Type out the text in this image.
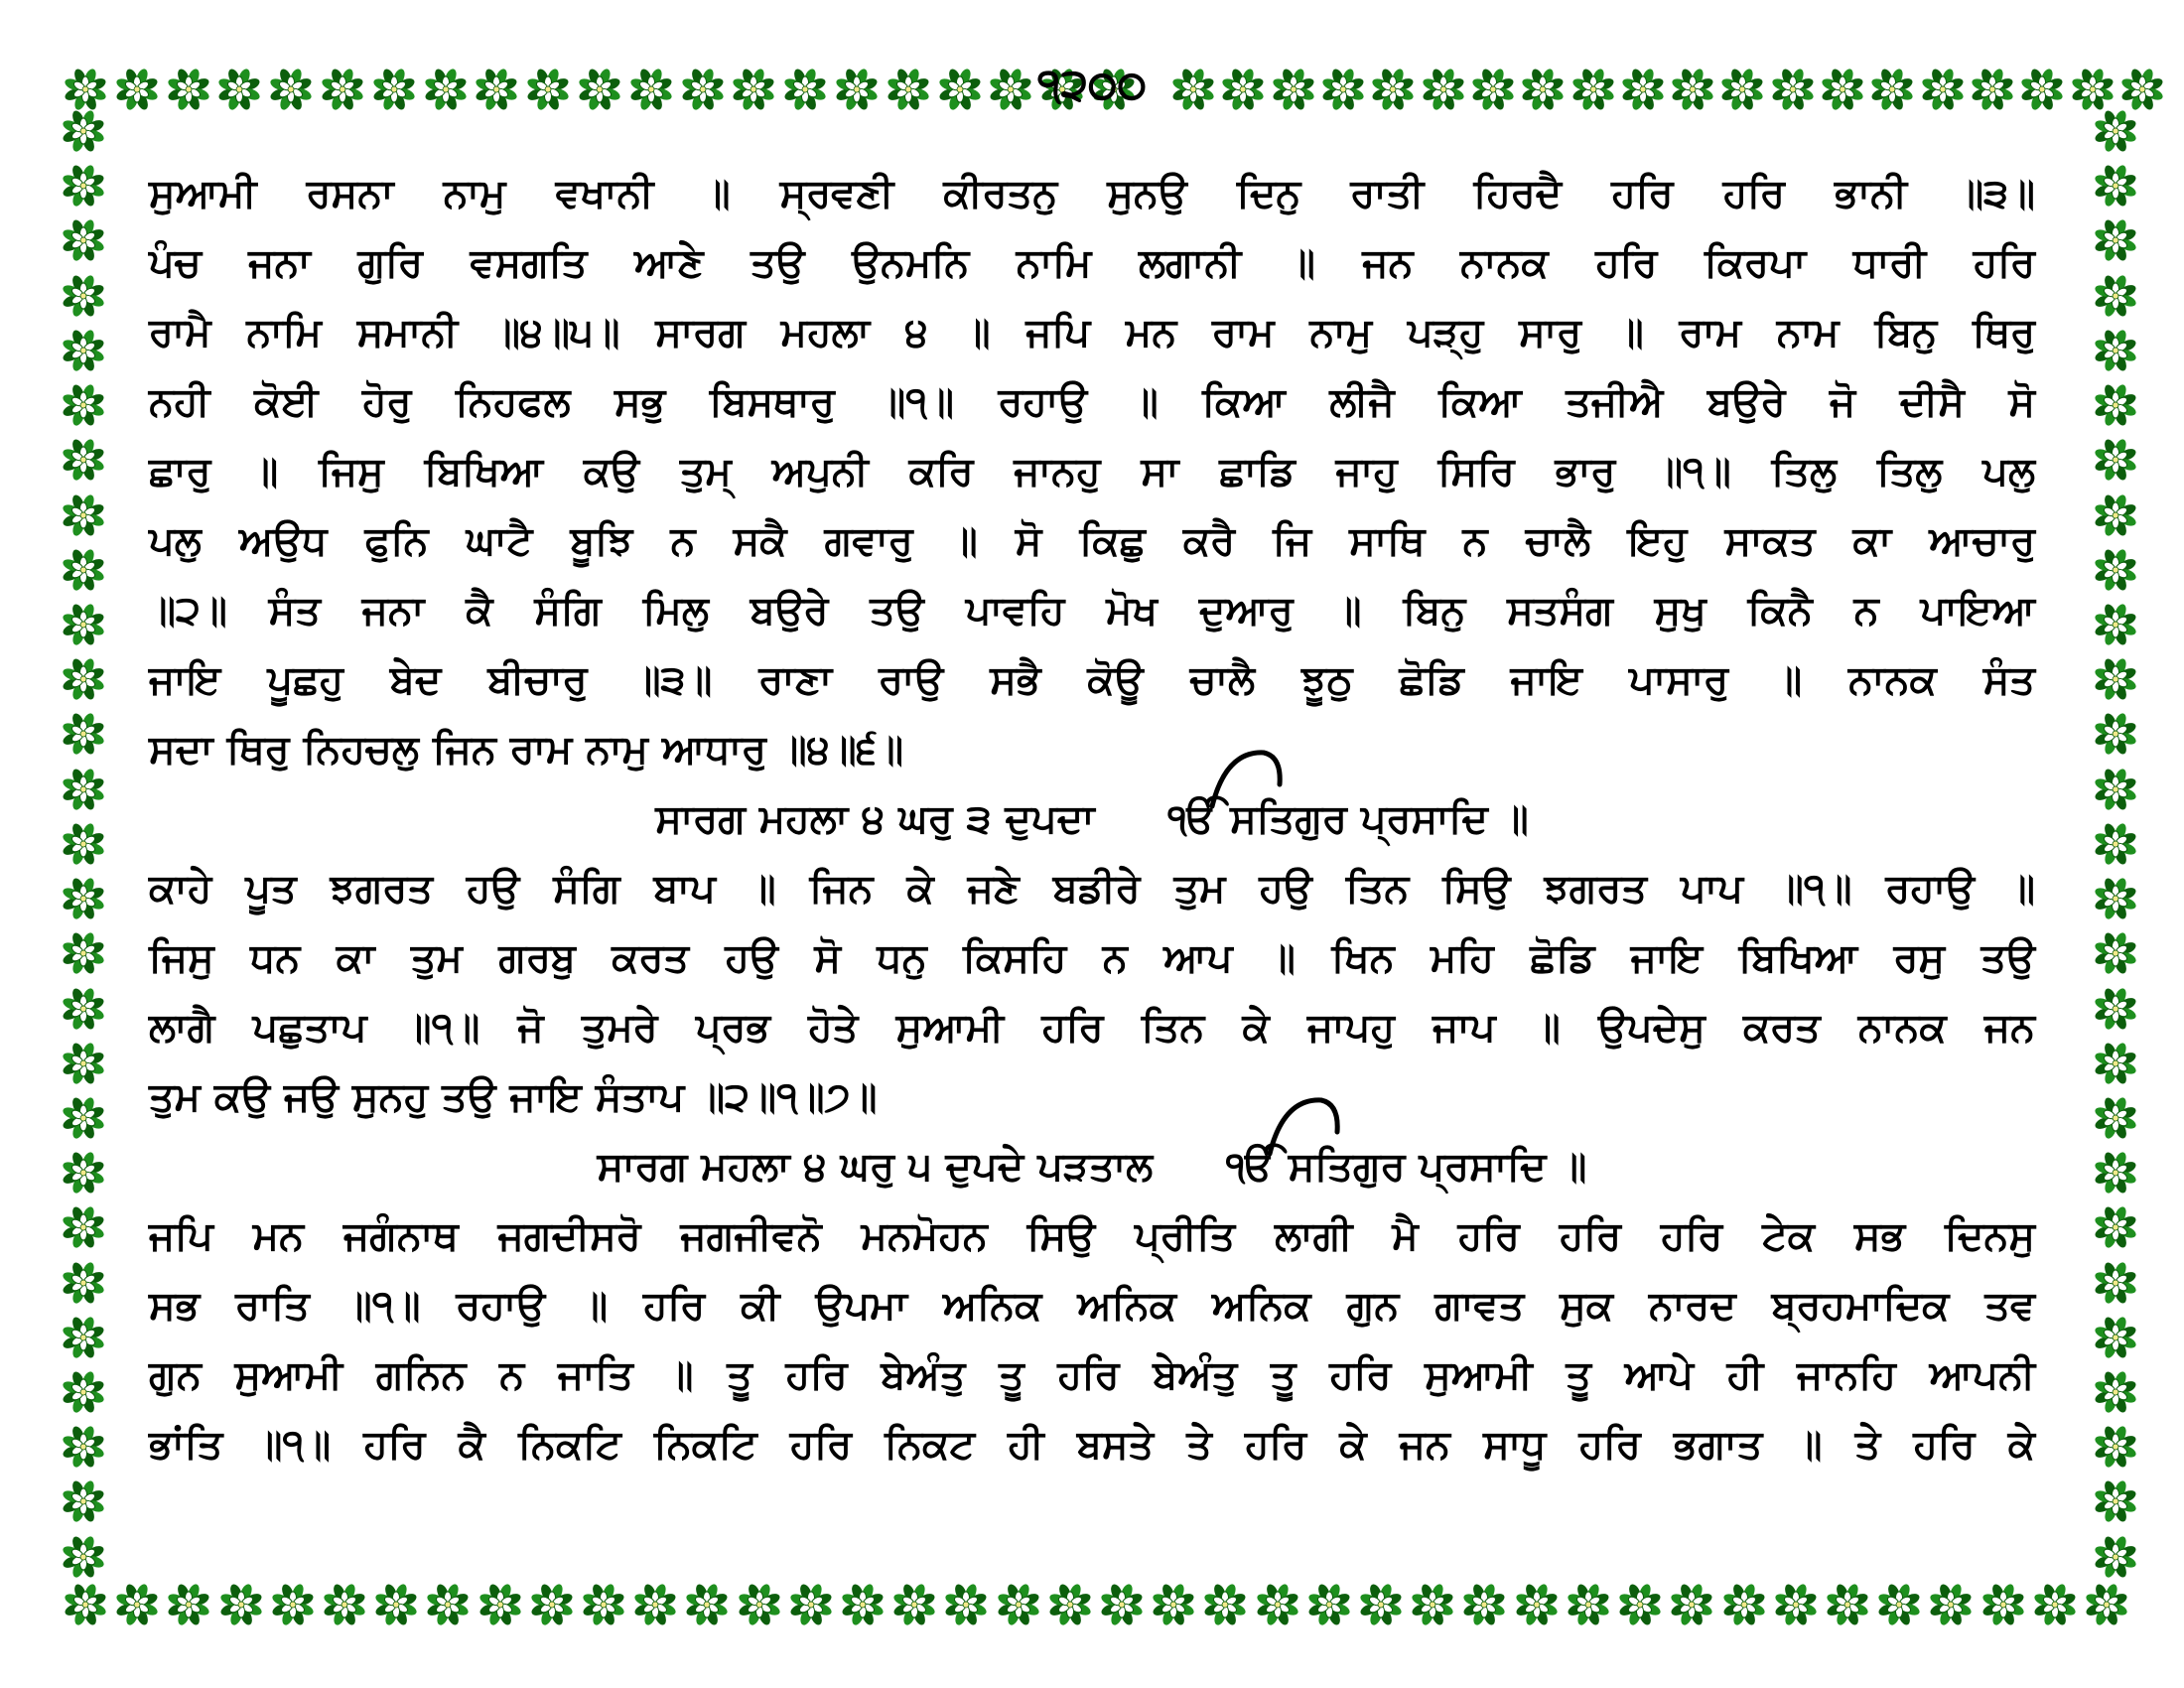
੧੨੦੦
ਸੁਆਮੀ ਰਸਨਾ ਨਾਮੁ ਵਖਾਨੀ ॥ ਸ੍ਰਵਣੀ ਕੀਰਤਨੁ ਸੁਨਉ ਦਿਨੁ ਰਾਤੀ ਹਿਰਦੈ ਹਰਿ ਹਰਿ ਭਾਨੀ ॥੩॥
ਪੰਚ ਜਨਾ ਗੁਰਿ ਵਸਗਤਿ ਆਣੇ ਤਉ ਉਨਮਨਿ ਨਾਮਿ ਲਗਾਨੀ ॥ ਜਨ ਨਾਨਕ ਹਰਿ ਕਿਰਪਾ ਧਾਰੀ ਹਰਿ
ਰਾਮੈ ਨਾਮਿ ਸਮਾਨੀ ॥੪॥੫॥ ਸਾਰਗ ਮਹਲਾ ੪ ॥ ਜਪਿ ਮਨ ਰਾਮ ਨਾਮੁ ਪੜ੍ਹੁ ਸਾਰੁ ॥ ਰਾਮ ਨਾਮ ਬਿਨੁ ਥਿਰੁ
ਨਹੀ ਕੋਈ ਹੋਰੁ ਨਿਹਫਲ ਸਭੁ ਬਿਸਥਾਰੁ ॥੧॥ ਰਹਾਉ ॥ ਕਿਆ ਲੀਜੈ ਕਿਆ ਤਜੀਐ ਬਉਰੇ ਜੋ ਦੀਸੈ ਸੋ
ਛਾਰੁ ॥ ਜਿਸੁ ਬਿਖਿਆ ਕਉ ਤੁਮ੍ ਅਪੁਨੀ ਕਰਿ ਜਾਨਹੁ ਸਾ ਛਾਡਿ ਜਾਹੁ ਸਿਰਿ ਭਾਰੁ ॥੧॥ ਤਿਲੁ ਤਿਲੁ ਪਲੁ
ਪਲੁ ਅਉਧ ਫੁਨਿ ਘਾਟੈ ਬੂਝਿ ਨ ਸਕੈ ਗਵਾਰੁ ॥ ਸੋ ਕਿਛੁ ਕਰੈ ਜਿ ਸਾਥਿ ਨ ਚਾਲੈ ਇਹੁ ਸਾਕਤ ਕਾ ਆਚਾਰੁ
॥੨॥ ਸੰਤ ਜਨਾ ਕੈ ਸੰਗਿ ਮਿਲੁ ਬਉਰੇ ਤਉ ਪਾਵਹਿ ਮੋਖ ਦੁਆਰੁ ॥ ਬਿਨੁ ਸਤਸੰਗ ਸੁਖੁ ਕਿਨੈ ਨ ਪਾਇਆ
ਜਾਇ ਪੂਛਹੁ ਬੇਦ ਬੀਚਾਰੁ ॥੩॥ ਰਾਣਾ ਰਾਉ ਸਭੈ ਕੋਊ ਚਾਲੈ ਝੂਠੁ ਛੋਡਿ ਜਾਇ ਪਾਸਾਰੁ ॥ ਨਾਨਕ ਸੰਤ
ਸਦਾ ਥਿਰੁ ਨਿਹਚਲੁ ਜਿਨ ਰਾਮ ਨਾਮੁ ਆਧਾਰੁ ॥੪॥੬॥
ਸਾਰਗ ਮਹਲਾ ੪ ਘਰੁ ੩ ਦੁਪਦਾ ੴ ਸਤਿਗੁਰ ਪ੍ਰਸਾਦਿ ॥
ਕਾਹੇ ਪੂਤ ਝਗਰਤ ਹਉ ਸੰਗਿ ਬਾਪ ॥ ਜਿਨ ਕੇ ਜਣੇ ਬਡੀਰੇ ਤੁਮ ਹਉ ਤਿਨ ਸਿਉ ਝਗਰਤ ਪਾਪ ॥੧॥ ਰਹਾਉ ॥
ਜਿਸੁ ਧਨ ਕਾ ਤੁਮ ਗਰਬੁ ਕਰਤ ਹਉ ਸੋ ਧਨੁ ਕਿਸਹਿ ਨ ਆਪ ॥ ਖਿਨ ਮਹਿ ਛੋਡਿ ਜਾਇ ਬਿਖਿਆ ਰਸੁ ਤਉ
ਲਾਗੈ ਪਛੁਤਾਪ ॥੧॥ ਜੋ ਤੁਮਰੇ ਪ੍ਰਭ ਹੋਤੇ ਸੁਆਮੀ ਹਰਿ ਤਿਨ ਕੇ ਜਾਪਹੁ ਜਾਪ ॥ ਉਪਦੇਸੁ ਕਰਤ ਨਾਨਕ ਜਨ
ਤੁਮ ਕਉ ਜਉ ਸੁਨਹੁ ਤਉ ਜਾਇ ਸੰਤਾਪ ॥੨॥੧॥੭॥
ਸਾਰਗ ਮਹਲਾ ੪ ਘਰੁ ੫ ਦੁਪਦੇ ਪੜਤਾਲ ੴ ਸਤਿਗੁਰ ਪ੍ਰਸਾਦਿ ॥
ਜਪਿ ਮਨ ਜਗੰਨਾਥ ਜਗਦੀਸਰੋ ਜਗਜੀਵਨੋ ਮਨਮੋਹਨ ਸਿਉ ਪ੍ਰੀਤਿ ਲਾਗੀ ਮੈ ਹਰਿ ਹਰਿ ਹਰਿ ਟੇਕ ਸਭ ਦਿਨਸੁ
ਸਭ ਰਾਤਿ ॥੧॥ ਰਹਾਉ ॥ ਹਰਿ ਕੀ ਉਪਮਾ ਅਨਿਕ ਅਨਿਕ ਅਨਿਕ ਗੁਨ ਗਾਵਤ ਸੁਕ ਨਾਰਦ ਬ੍ਰਹਮਾਦਿਕ ਤਵ
ਗੁਨ ਸੁਆਮੀ ਗਨਿਨ ਨ ਜਾਤਿ ॥ ਤੂ ਹਰਿ ਬੇਅੰਤੁ ਤੂ ਹਰਿ ਬੇਅੰਤੁ ਤੂ ਹਰਿ ਸੁਆਮੀ ਤੂ ਆਪੇ ਹੀ ਜਾਨਹਿ ਆਪਨੀ
ਭਾਂਤਿ ॥੧॥ ਹਰਿ ਕੈ ਨਿਕਟਿ ਨਿਕਟਿ ਹਰਿ ਨਿਕਟ ਹੀ ਬਸਤੇ ਤੇ ਹਰਿ ਕੇ ਜਨ ਸਾਧੂ ਹਰਿ ਭਗਾਤ ॥ ਤੇ ਹਰਿ ਕੇ
